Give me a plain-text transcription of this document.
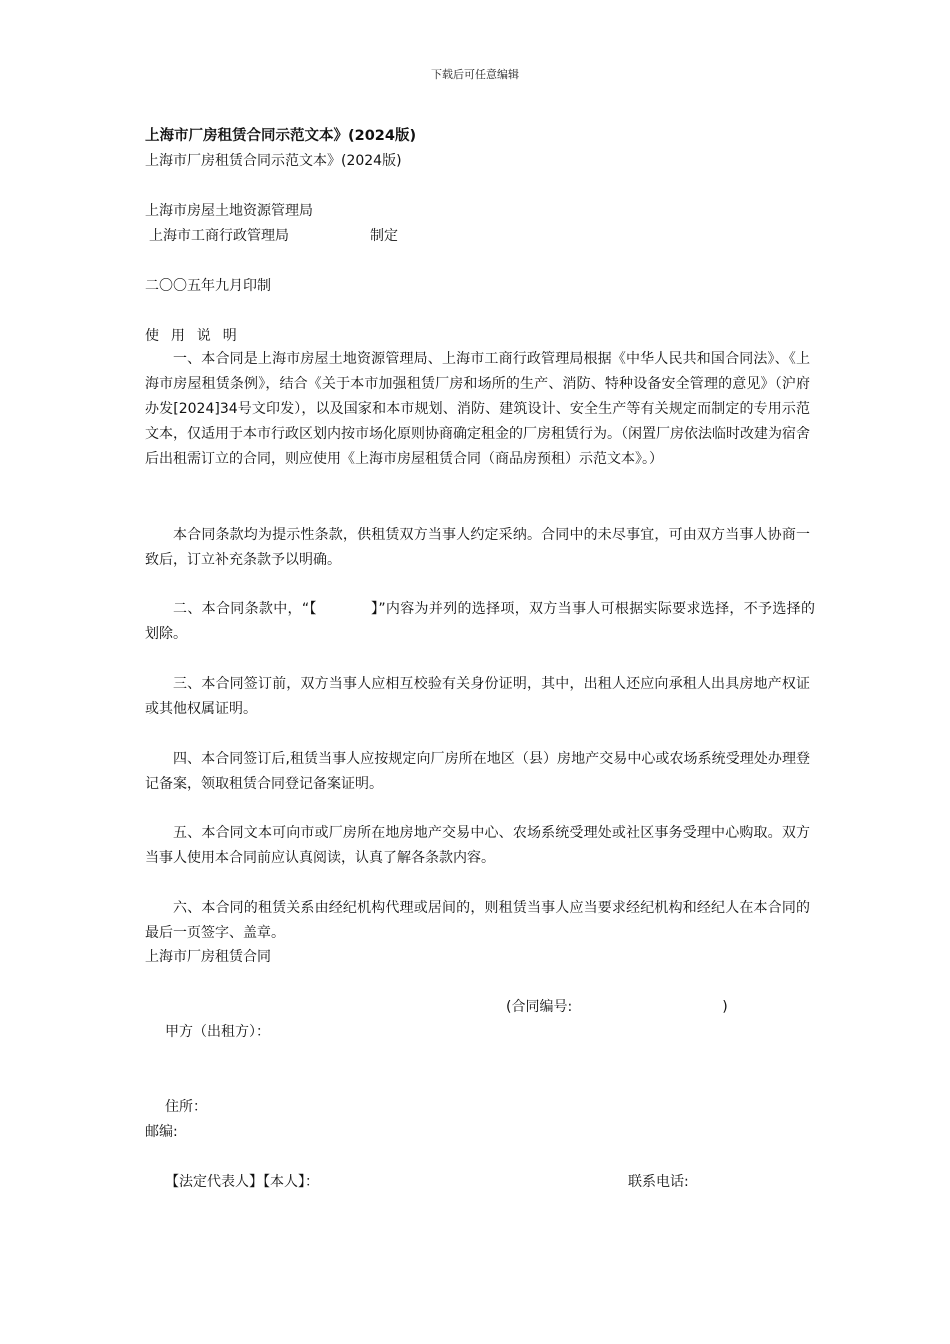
下载后可任意编辑
上海市厂房租赁合同示范文本》(2024版)
上海市厂房租赁合同示范文本》(2024版)
上海市房屋土地资源管理局
上海市工商行政管理局	制定
二〇〇五年九月印制
使用说明
一、本合同是上海市房屋土地资源管理局、上海市工商行政管理局根据《中华人民共和国合同法》、《上海市房屋租赁条例》，结合《关于本市加强租赁厂房和场所的生产、消防、特种设备安全管理的意见》（沪府办发[2024]34号文印发），以及国家和本市规划、消防、建筑设计、安全生产等有关规定而制定的专用示范文本，仅适用于本市行政区划内按市场化原则协商确定租金的厂房租赁行为。（闲置厂房依法临时改建为宿舍后出租需订立的合同，则应使用《上海市房屋租赁合同（商品房预租）示范文本》。）
本合同条款均为提示性条款，供租赁双方当事人约定采纳。合同中的未尽事宜，可由双方当事人协商一致后，订立补充条款予以明确。
二、本合同条款中，“【	】”内容为并列的选择项，双方当事人可根据实际要求选择，不予选择的划除。
三、本合同签订前，双方当事人应相互校验有关身份证明，其中，出租人还应向承租人出具房地产权证或其他权属证明。
四、本合同签订后,租赁当事人应按规定向厂房所在地区（县）房地产交易中心或农场系统受理处办理登记备案，领取租赁合同登记备案证明。
五、本合同文本可向市或厂房所在地房地产交易中心、农场系统受理处或社区事务受理中心购取。双方当事人使用本合同前应认真阅读，认真了解各条款内容。
六、本合同的租赁关系由经纪机构代理或居间的，则租赁当事人应当要求经纪机构和经纪人在本合同的最后一页签字、盖章。
上海市厂房租赁合同
(合同编号:	)
甲方（出租方）：
住所：
邮编:
【法定代表人】【本人】：	联系电话:
